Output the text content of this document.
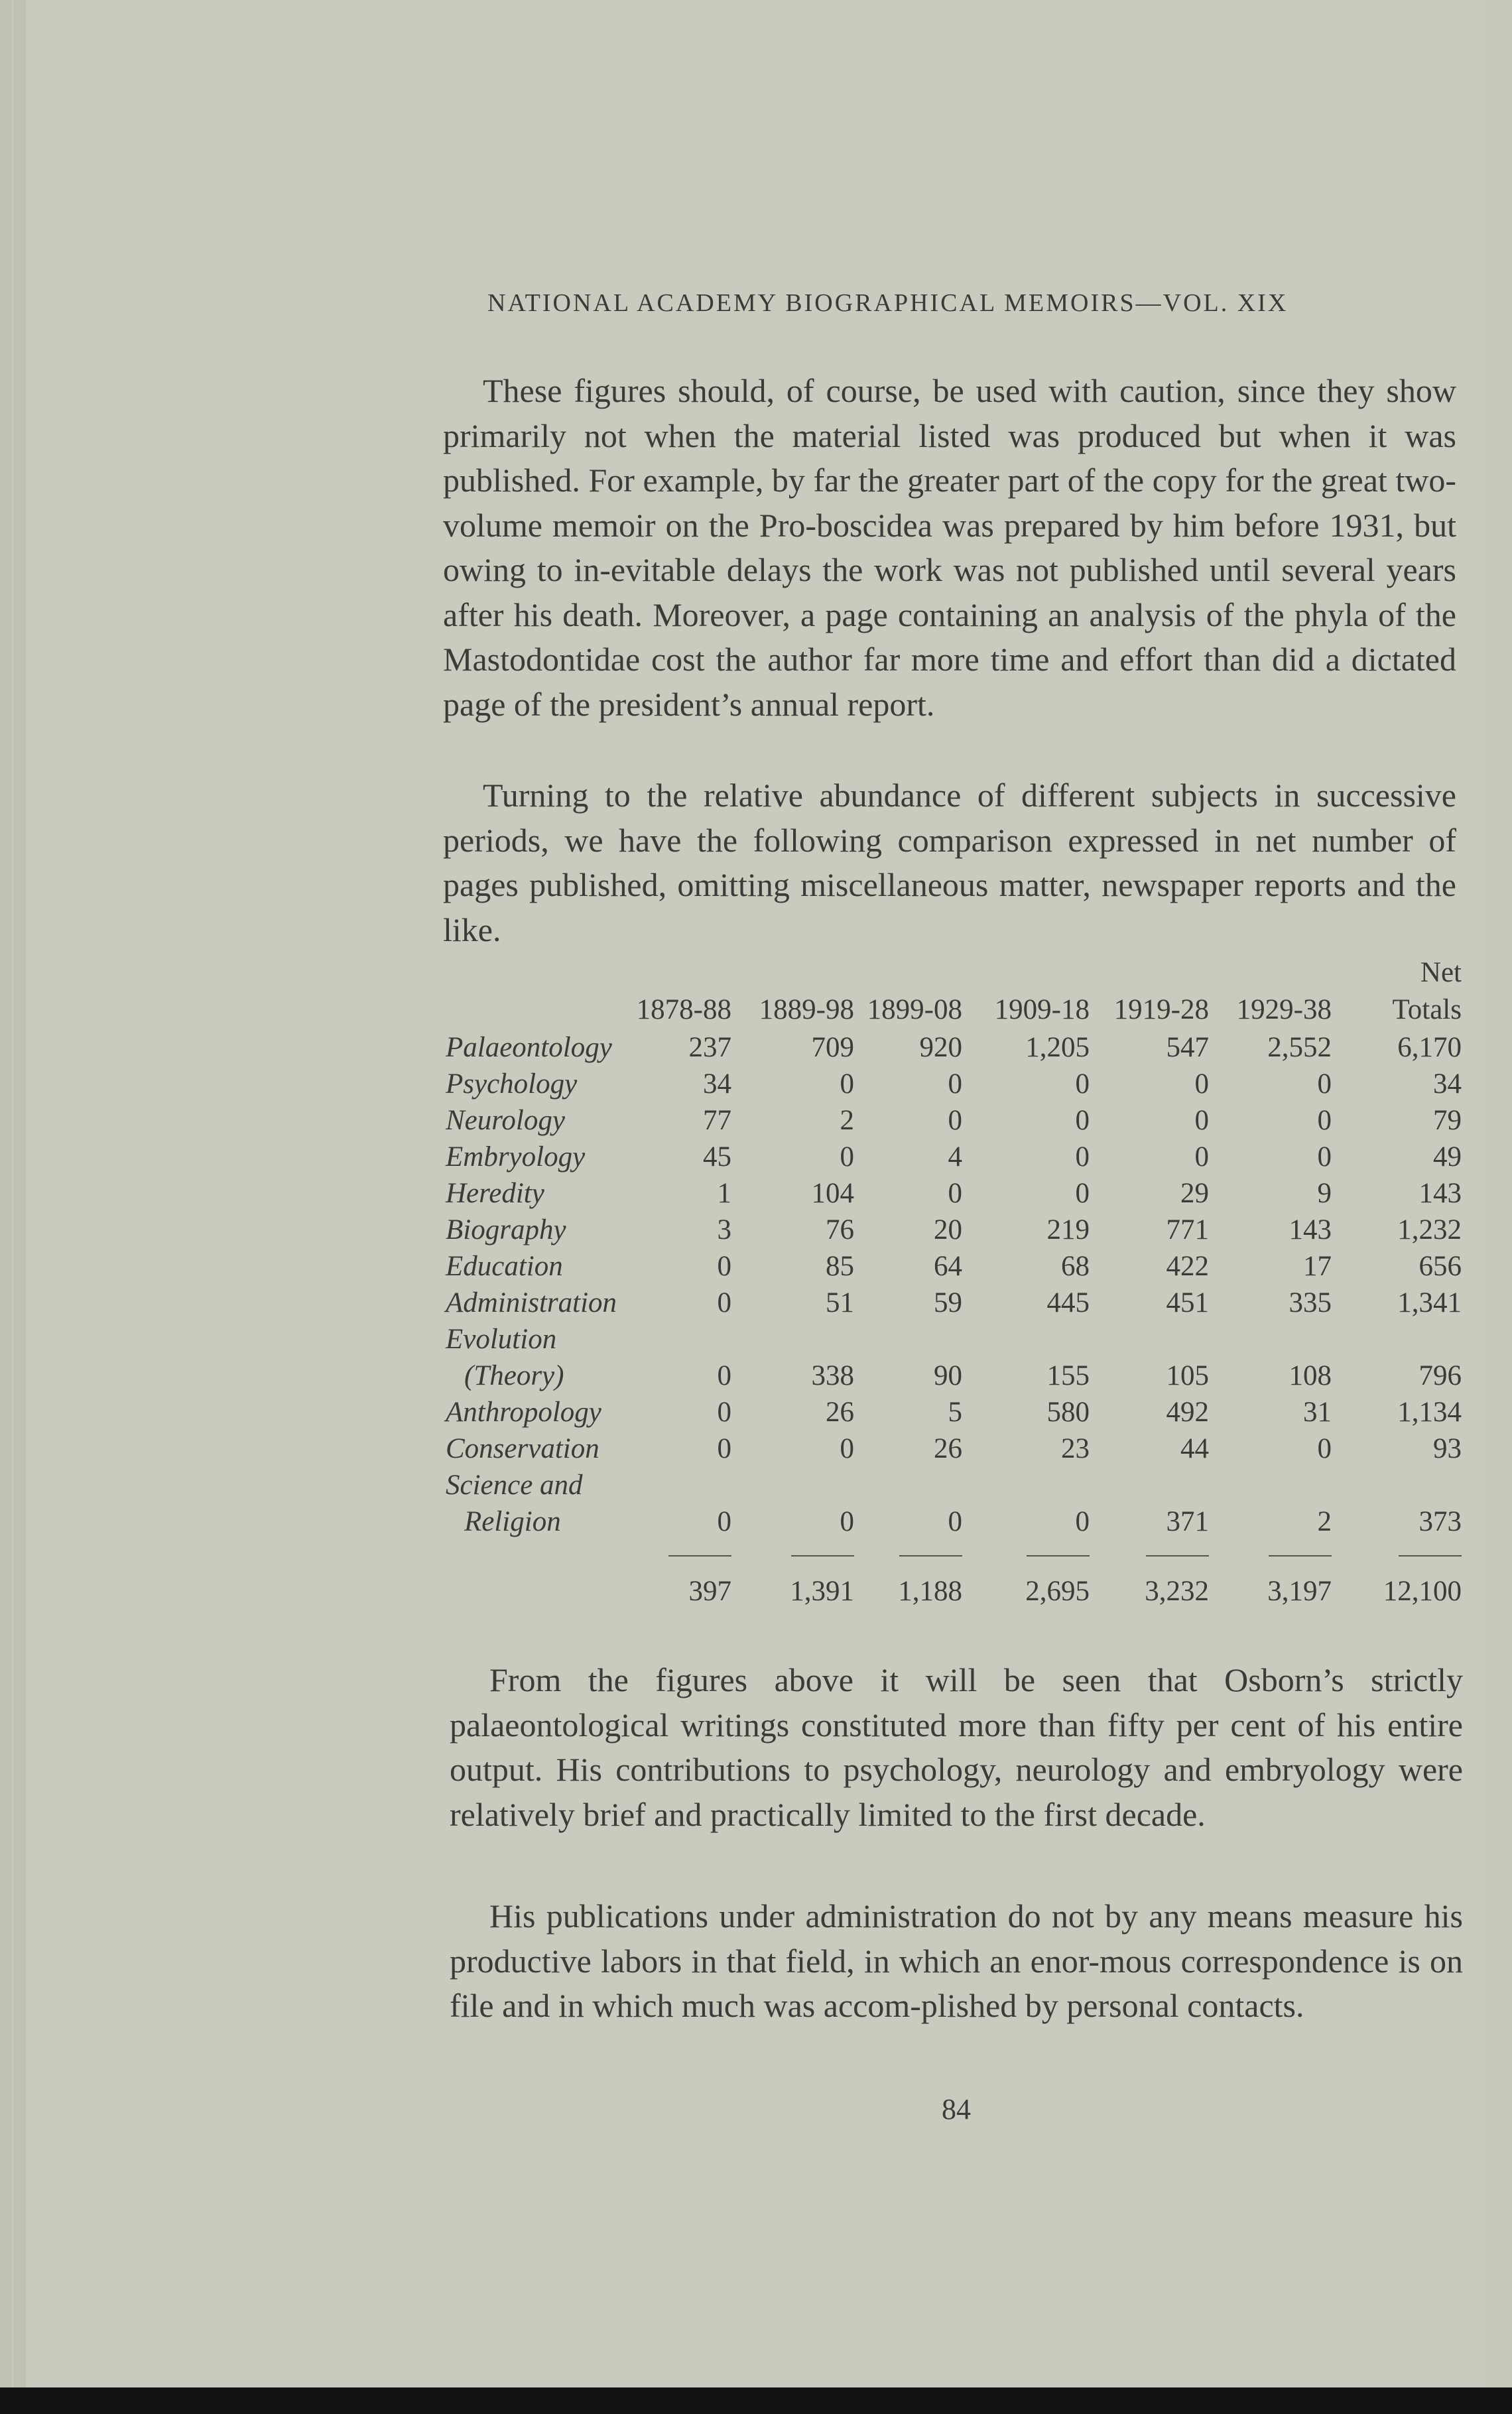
NATIONAL ACADEMY BIOGRAPHICAL MEMOIRS—VOL. XIX

These figures should, of course, be used with caution, since they show primarily not when the material listed was produced but when it was published. For example, by far the greater part of the copy for the great two-volume memoir on the Pro-boscidea was prepared by him before 1931, but owing to in-evitable delays the work was not published until several years after his death. Moreover, a page containing an analysis of the phyla of the Mastodontidae cost the author far more time and effort than did a dictated page of the president’s annual report.

Turning to the relative abundance of different subjects in successive periods, we have the following comparison expressed in net number of pages published, omitting miscellaneous matter, newspaper reports and the like.

Net
1878-88 1889-98 1899-08 1909-18 1919-28 1929-38 Totals
Palaeontology	237	709 920 1,205	547 2,552 6,170
Psychology	34	0	0	0	0	0	34
Neurology	77	2	0	0	0	0	79
Embryology	45	0	4	0	0	0	49
Heredity	1	104	0	0	29	9	143
Biography	3	76	20	219	771	143 1,232
Education	0	85	64	68	422	17	656
Administration	0	51	59	445	451	335 1,341
Evolution
(Theory)	0	338	90	155	105	108	796
Anthropology	0	26	5	580	492	31 1,134
Conservation	0	0	26	23	44	0	93
Science and
Religion	0	0	0	0	371	2	373
397 1,391 1,188 2,695 3,232 3,197 12,100

From the figures above it will be seen that Osborn’s strictly palaeontological writings constituted more than fifty per cent of his entire output. His contributions to psychology, neurology and embryology were relatively brief and practically limited to the first decade.

His publications under administration do not by any means measure his productive labors in that field, in which an enor-mous correspondence is on file and in which much was accom-plished by personal contacts.

84
